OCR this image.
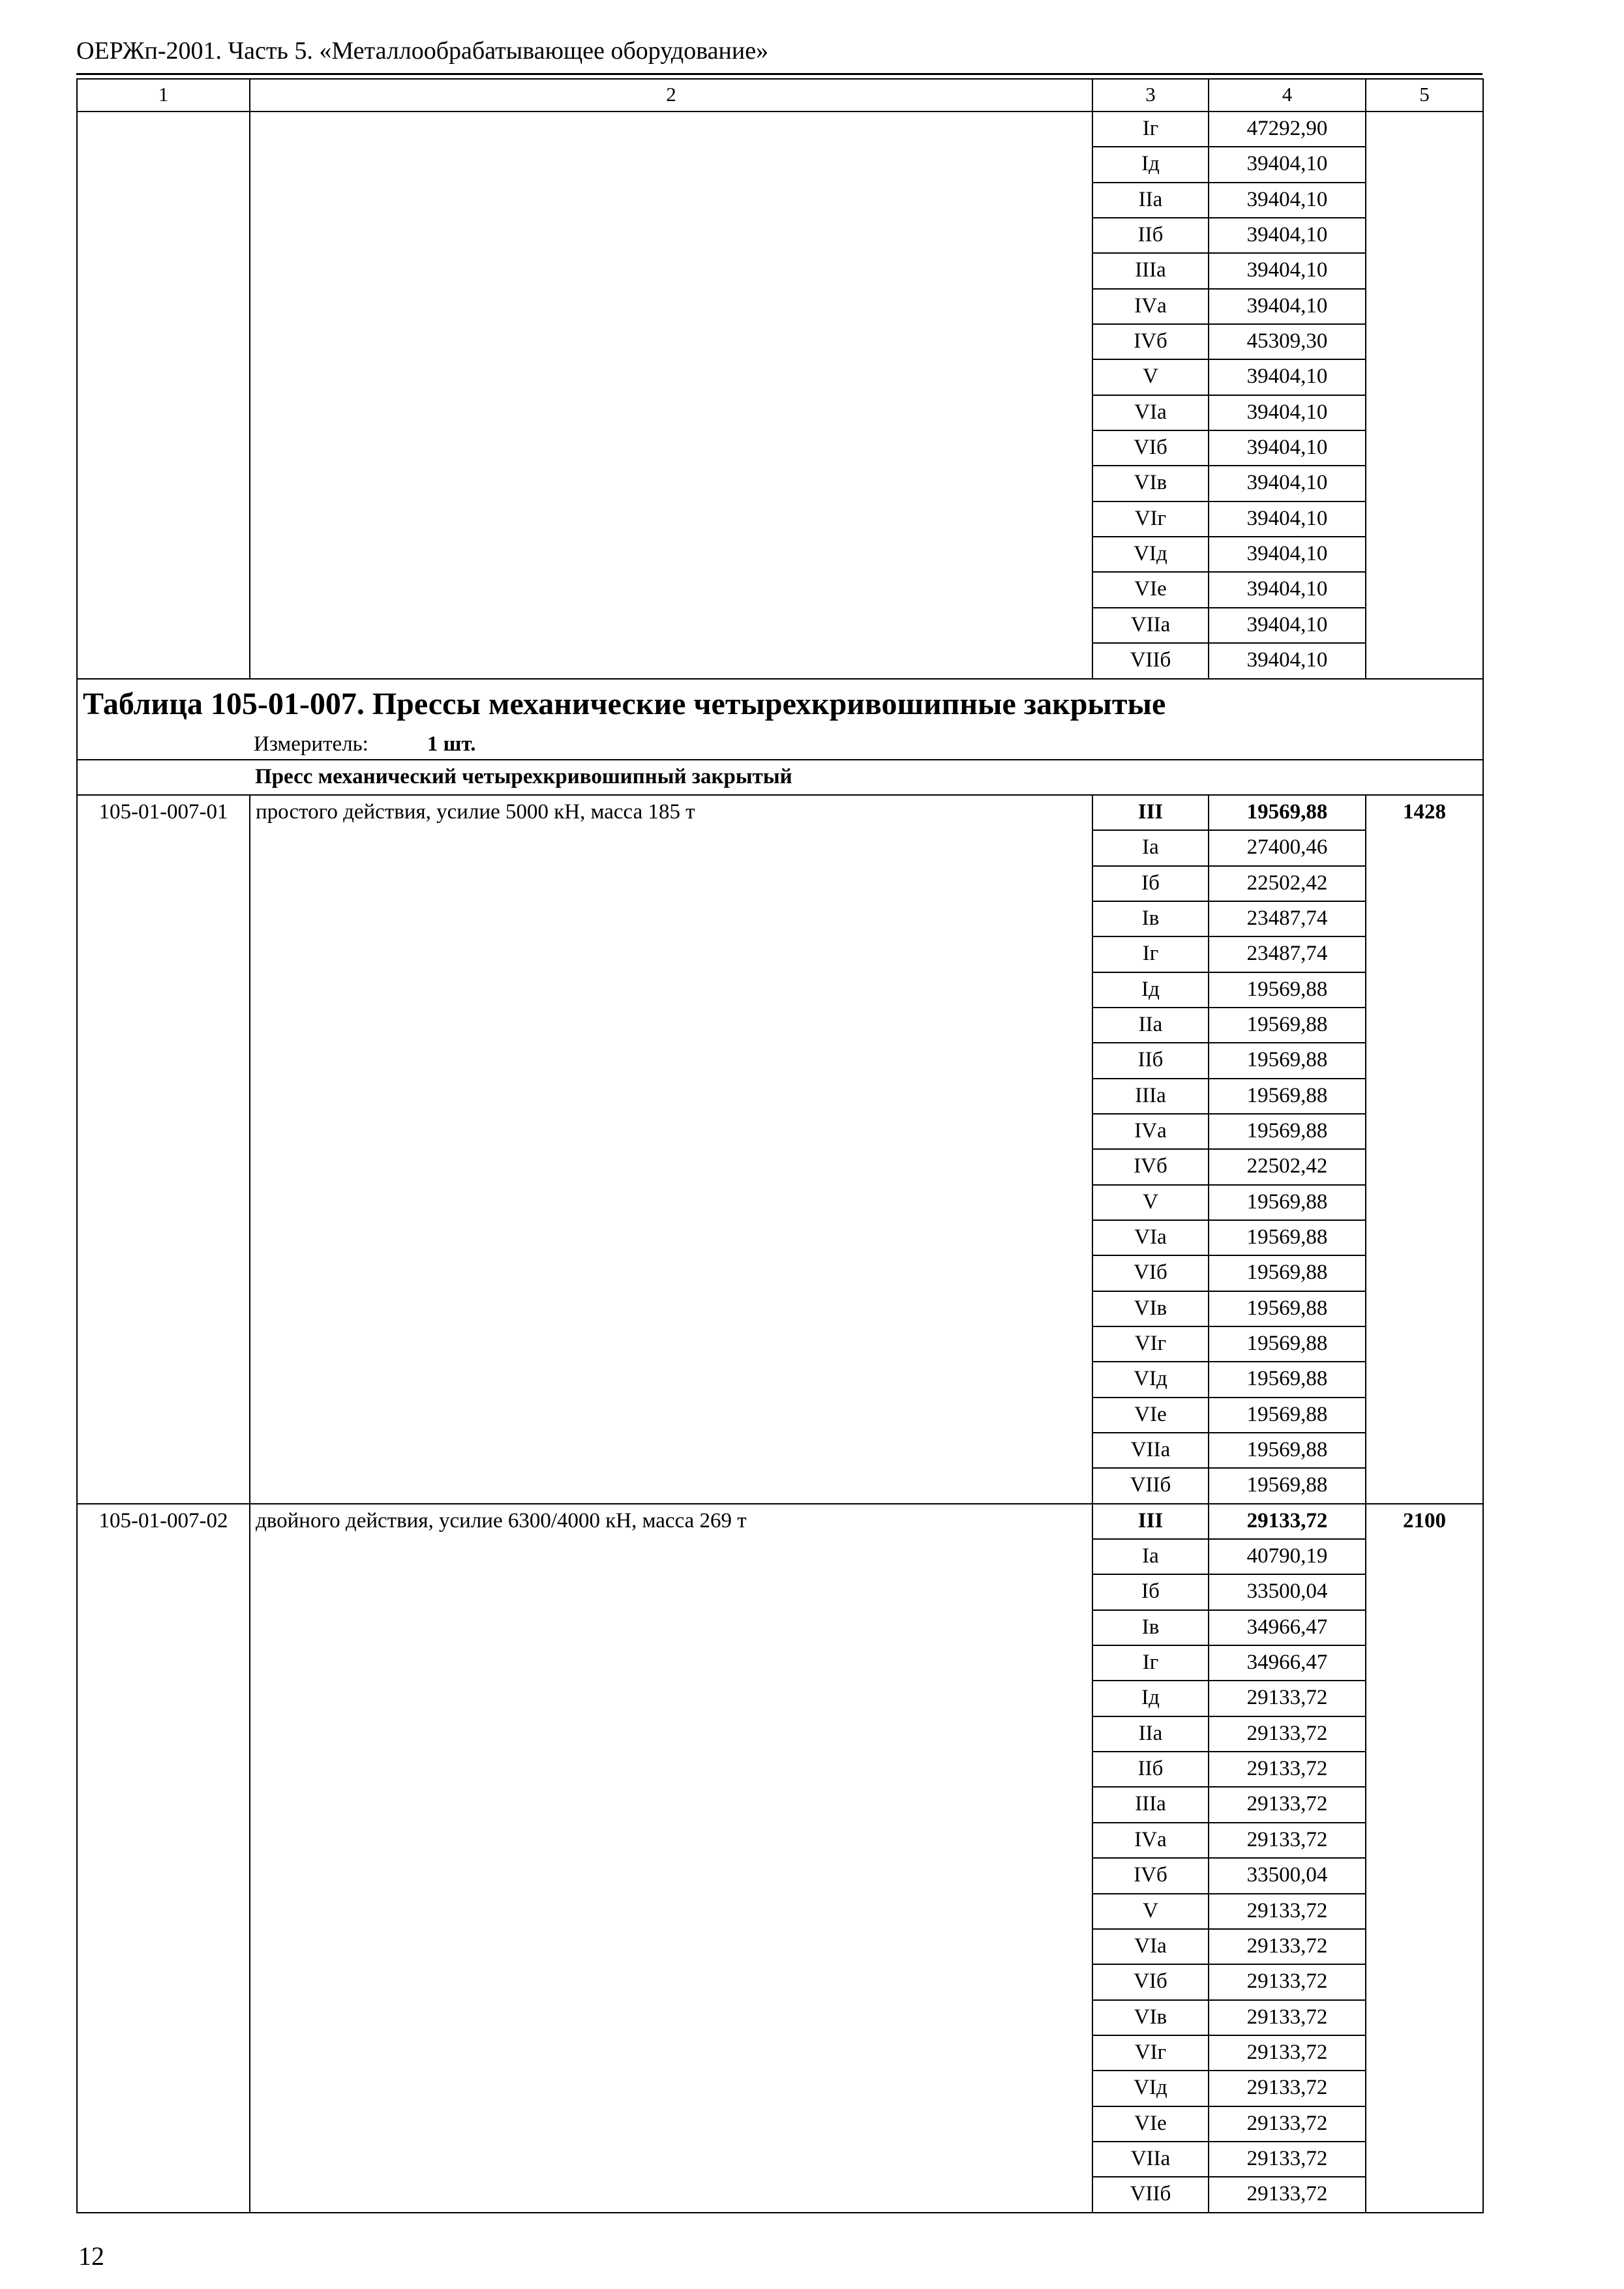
ОЕРЖп-2001. Часть 5. «Металлообрабатывающее оборудование»
1	2	3	4	5
		Iг	47292,90	
		Iд	39404,10	
		IIа	39404,10	
		IIб	39404,10	
		IIIа	39404,10	
		IVа	39404,10	
		IVб	45309,30	
		V	39404,10	
		VIа	39404,10	
		VIб	39404,10	
		VIв	39404,10	
		VIг	39404,10	
		VIд	39404,10	
		VIе	39404,10	
		VIIа	39404,10	
		VIIб	39404,10	

Таблица 105-01-007. Прессы механические четырехкривошипные закрытые
Измеритель: 1 шт.				

Пресс механический четырехкривошипный закрытый				
105-01-007-01	простого действия, усилие 5000 кН, масса 185 т	III	19569,88	1428
		Iа	27400,46	
		Iб	22502,42	
		Iв	23487,74	
		Iг	23487,74	
		Iд	19569,88	
		IIа	19569,88	
		IIб	19569,88	
		IIIа	19569,88	
		IVа	19569,88	
		IVб	22502,42	
		V	19569,88	
		VIа	19569,88	
		VIб	19569,88	
		VIв	19569,88	
		VIг	19569,88	
		VIд	19569,88	
		VIе	19569,88	
		VIIа	19569,88	
		VIIб	19569,88	
105-01-007-02	двойного действия, усилие 6300/4000 кН, масса 269 т	III	29133,72	2100
		Iа	40790,19	
		Iб	33500,04	
		Iв	34966,47	
		Iг	34966,47	
		Iд	29133,72	
		IIа	29133,72	
		IIб	29133,72	
		IIIа	29133,72	
		IVа	29133,72	
		IVб	33500,04	
		V	29133,72	
		VIа	29133,72	
		VIб	29133,72	
		VIв	29133,72	
		VIг	29133,72	
		VIд	29133,72	
		VIе	29133,72	
		VIIа	29133,72	
		VIIб	29133,72	
12
